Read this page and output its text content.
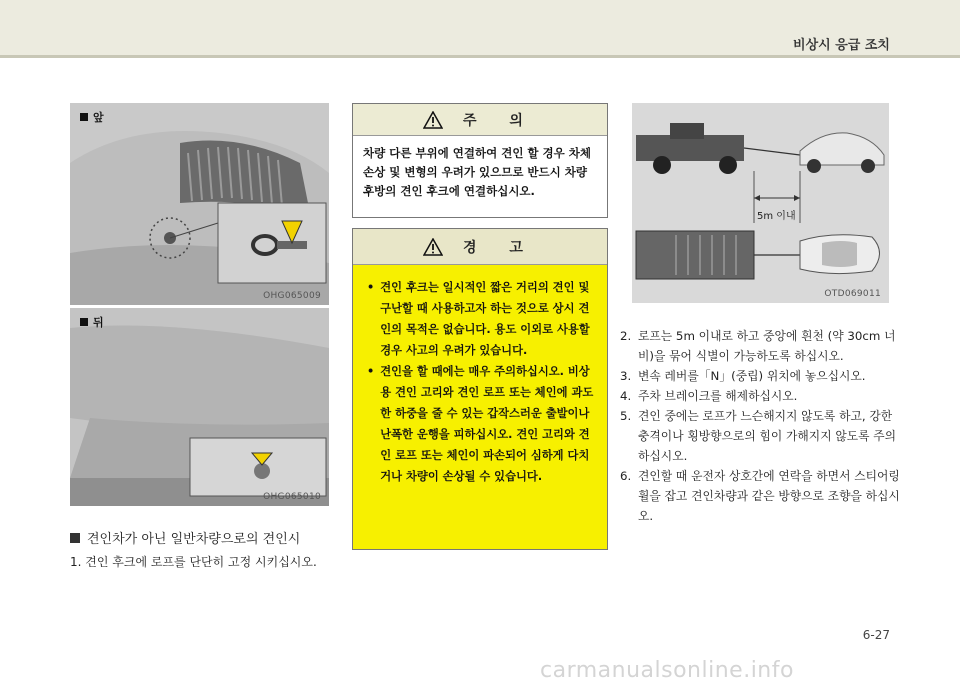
비상시 응급 조치
앞
OHG065009
뒤
OHG065010
주 의
차량 다른 부위에 연결하여 견인 할 경우 차체 손상 및 변형의 우려가 있으므로 반드시 차량 후방의 견인 후크에 연결하십시오.
경 고
• 견인 후크는 일시적인 짧은 거리의 견인 및 구난할 때 사용하고자 하는 것으로 상시 견인의 목적은 없습니다. 용도 이외로 사용할 경우 사고의 우려가 있습니다.
• 견인을 할 때에는 매우 주의하십시오. 비상용 견인 고리와 견인 로프 또는 체인에 과도한 하중을 줄 수 있는 갑작스러운 출발이나 난폭한 운행을 피하십시오. 견인 고리와 견인 로프 또는 체인이 파손되어 심하게 다치거나 차량이 손상될 수 있습니다.
5m 이내
OTD069011
견인차가 아닌 일반차량으로의 견인시
1. 견인 후크에 로프를 단단히 고정 시키십시오.
2. 로프는 5m 이내로 하고 중앙에 흰천 (약 30cm 너비)을 묶어 식별이 가능하도록 하십시오.
3. 변속 레버를「N」(중립) 위치에 놓으십시오.
4. 주차 브레이크를 해제하십시오.
5. 견인 중에는 로프가 느슨해지지 않도록 하고, 강한 충격이나 횡방향으로의 힘이 가해지지 않도록 주의하십시오.
6. 견인할 때 운전자 상호간에 연락을 하면서 스티어링 휠을 잡고 견인차량과 같은 방향으로 조향을 하십시오.
6-27
carmanualsonline.info
